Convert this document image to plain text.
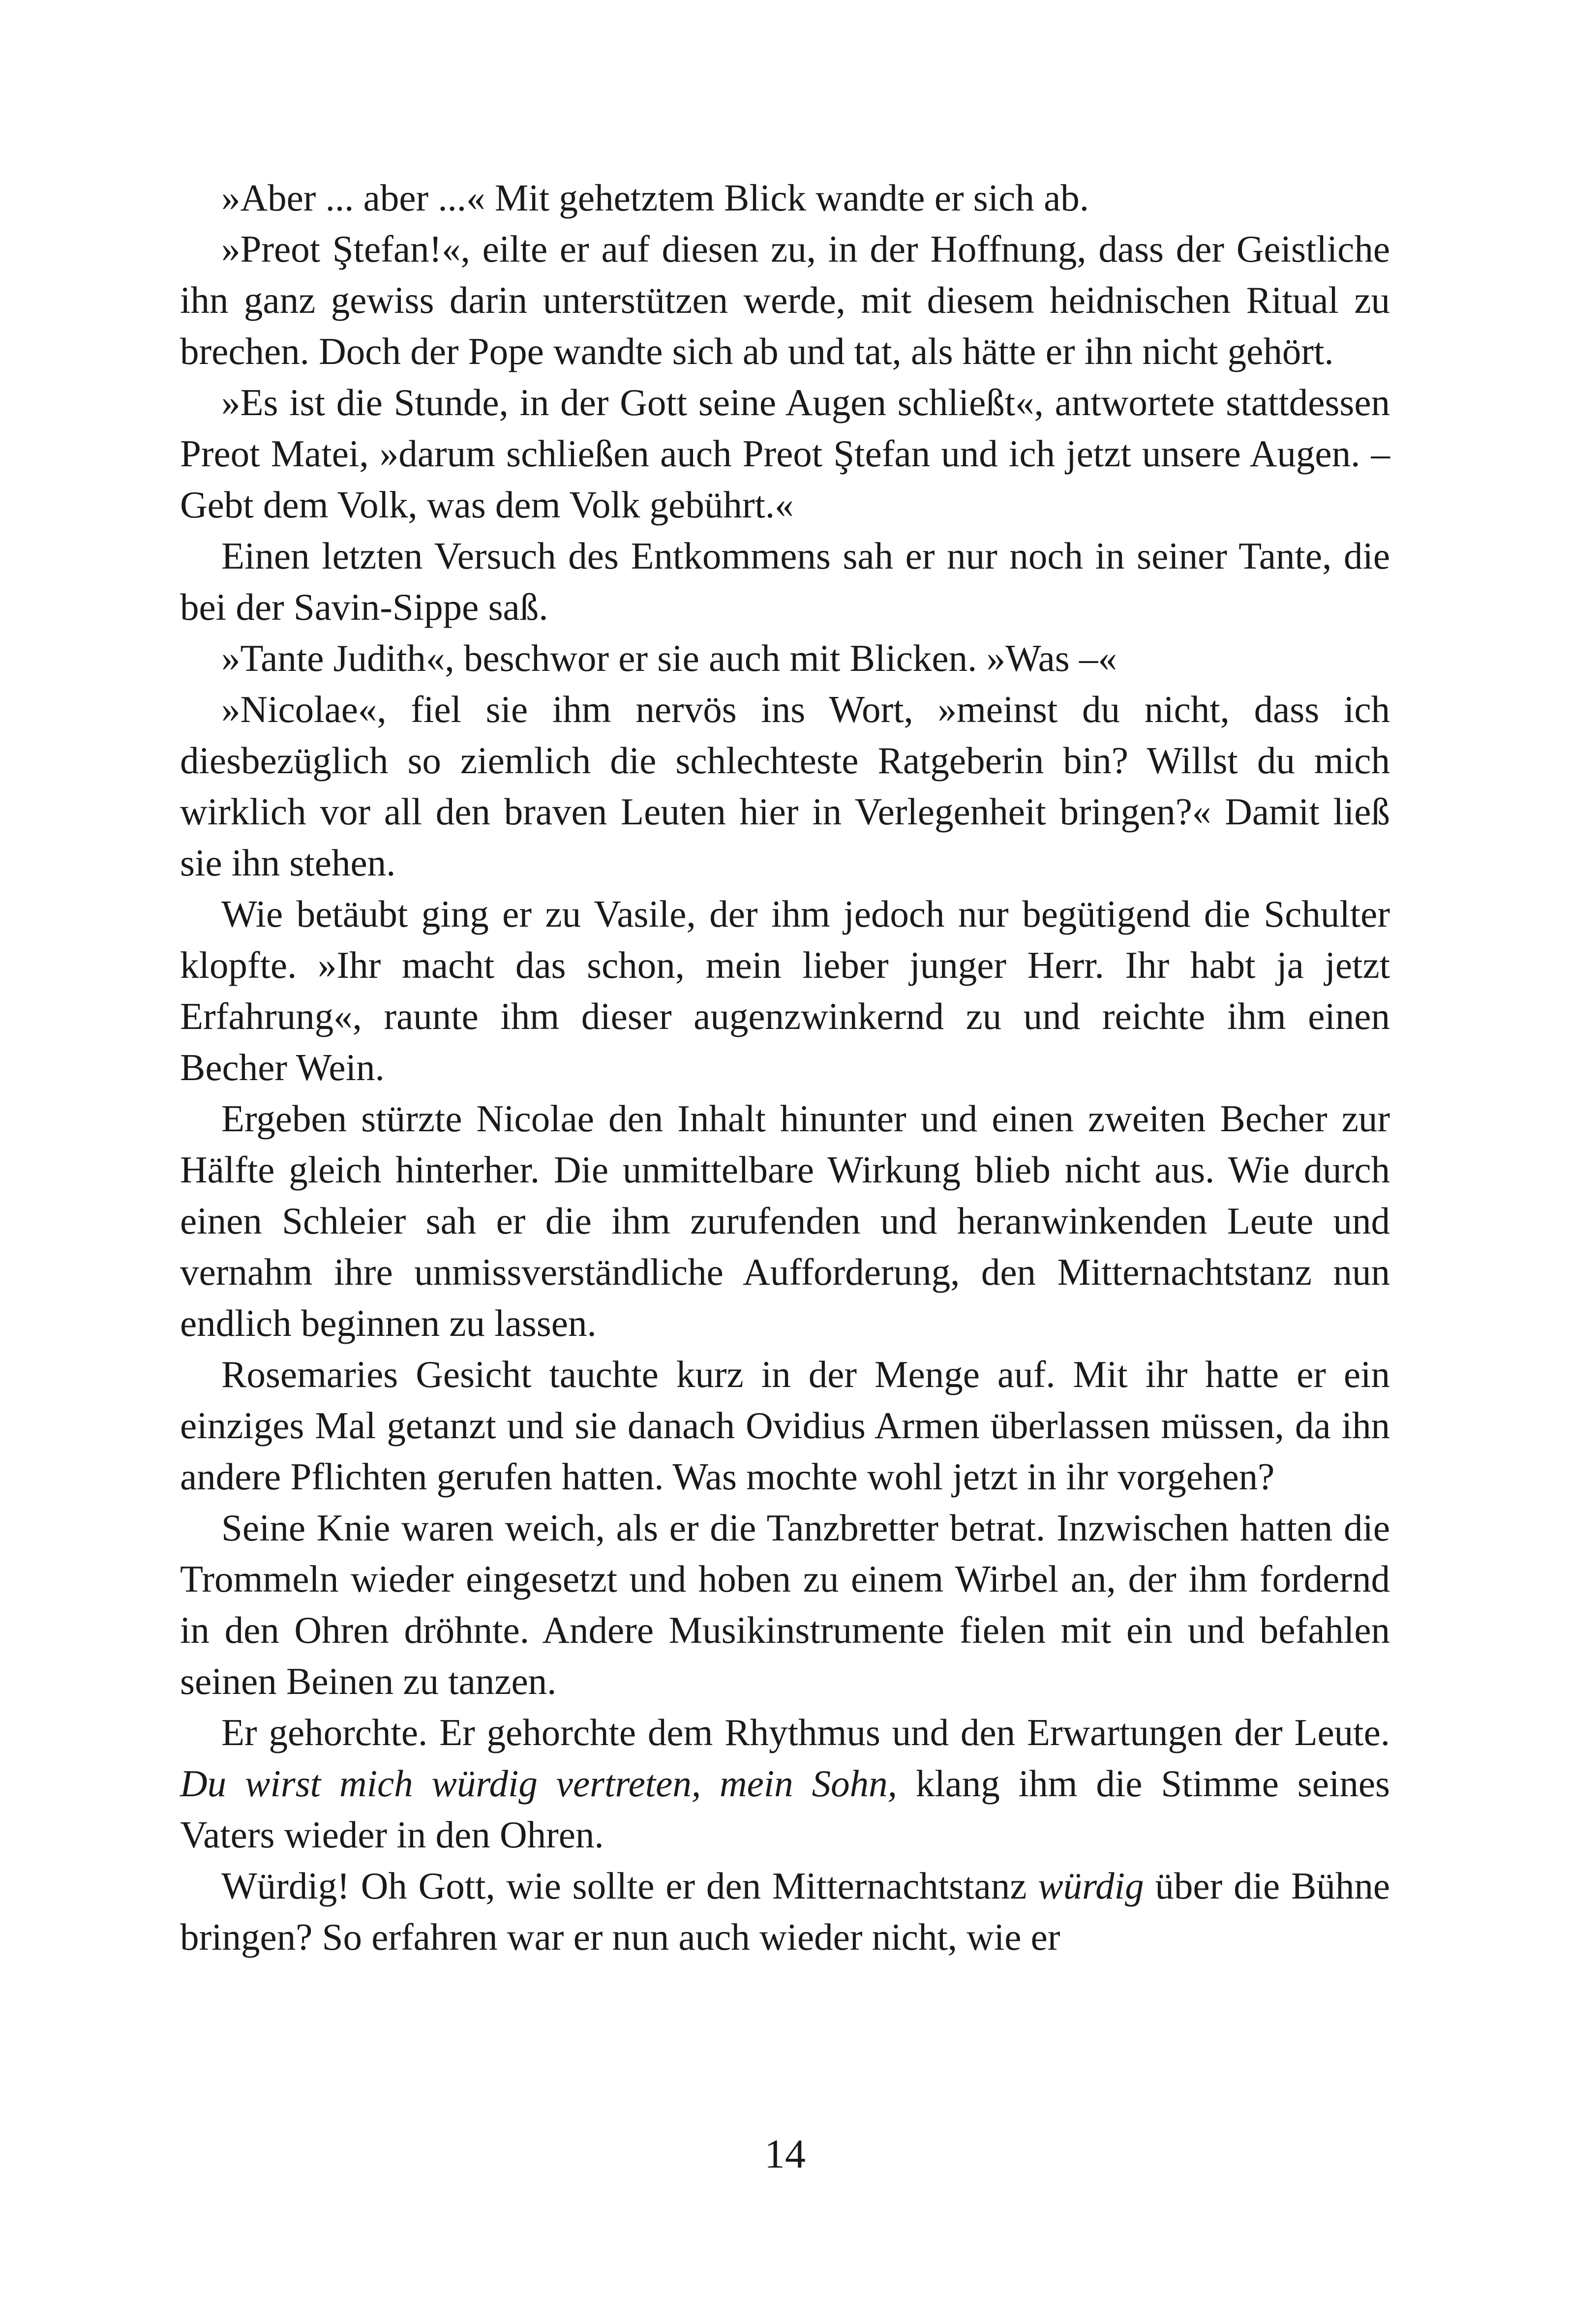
»Aber ... aber ...« Mit gehetztem Blick wandte er sich ab.

»Preot Ştefan!«, eilte er auf diesen zu, in der Hoffnung, dass der Geistliche ihn ganz gewiss darin unterstützen werde, mit diesem heidnischen Ritual zu brechen. Doch der Pope wandte sich ab und tat, als hätte er ihn nicht gehört.

»Es ist die Stunde, in der Gott seine Augen schließt«, antwortete stattdessen Preot Matei, »darum schließen auch Preot Ştefan und ich jetzt unsere Augen. – Gebt dem Volk, was dem Volk gebührt.«

Einen letzten Versuch des Entkommens sah er nur noch in seiner Tante, die bei der Savin-Sippe saß.

»Tante Judith«, beschwor er sie auch mit Blicken. »Was –«

»Nicolae«, fiel sie ihm nervös ins Wort, »meinst du nicht, dass ich diesbezüglich so ziemlich die schlechteste Ratgeberin bin? Willst du mich wirklich vor all den braven Leuten hier in Verlegenheit bringen?« Damit ließ sie ihn stehen.

Wie betäubt ging er zu Vasile, der ihm jedoch nur begütigend die Schulter klopfte. »Ihr macht das schon, mein lieber junger Herr. Ihr habt ja jetzt Erfahrung«, raunte ihm dieser augenzwinkernd zu und reichte ihm einen Becher Wein.

Ergeben stürzte Nicolae den Inhalt hinunter und einen zweiten Becher zur Hälfte gleich hinterher. Die unmittelbare Wirkung blieb nicht aus. Wie durch einen Schleier sah er die ihm zurufenden und heranwinkenden Leute und vernahm ihre unmissverständliche Aufforderung, den Mitternachtstanz nun endlich beginnen zu lassen.

Rosemaries Gesicht tauchte kurz in der Menge auf. Mit ihr hatte er ein einziges Mal getanzt und sie danach Ovidius Armen überlassen müssen, da ihn andere Pflichten gerufen hatten. Was mochte wohl jetzt in ihr vorgehen?

Seine Knie waren weich, als er die Tanzbretter betrat. Inzwischen hatten die Trommeln wieder eingesetzt und hoben zu einem Wirbel an, der ihm fordernd in den Ohren dröhnte. Andere Musikinstrumente fielen mit ein und befahlen seinen Beinen zu tanzen.

Er gehorchte. Er gehorchte dem Rhythmus und den Erwartungen der Leute. Du wirst mich würdig vertreten, mein Sohn, klang ihm die Stimme seines Vaters wieder in den Ohren.

Würdig! Oh Gott, wie sollte er den Mitternachtstanz würdig über die Bühne bringen? So erfahren war er nun auch wieder nicht, wie er

14
